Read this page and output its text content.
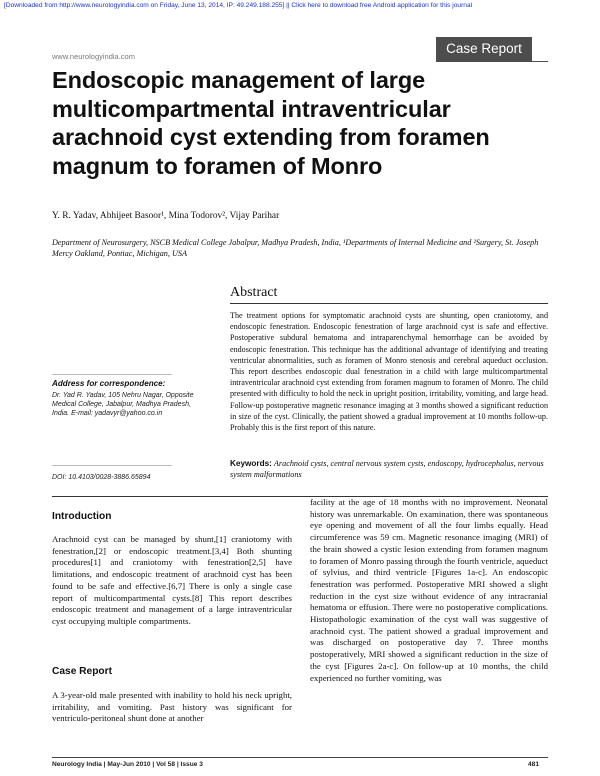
[Downloaded from http://www.neurologyindia.com on Friday, June 13, 2014, IP: 49.249.188.255] || Click here to download free Android application for this journal
www.neurologyindia.com
Case Report
Endoscopic management of large multicompartmental intraventricular arachnoid cyst extending from foramen magnum to foramen of Monro
Y. R. Yadav, Abhijeet Basoor¹, Mina Todorov², Vijay Parihar
Department of Neurosurgery, NSCB Medical College Jabalpur, Madhya Pradesh, India, ¹Departments of Internal Medicine and ²Surgery, St. Joseph Mercy Oakland, Pontiac, Michigan, USA
Abstract

The treatment options for symptomatic arachnoid cysts are shunting, open craniotomy, and endoscopic fenestration. Endoscopic fenestration of large arachnoid cyst is safe and effective. Postoperative subdural hematoma and intraparenchymal hemorrhage can be avoided by endoscopic fenestration. This technique has the additional advantage of identifying and treating ventricular abnormalities, such as foramen of Monro stenosis and cerebral aqueduct occlusion. This report describes endoscopic dual fenestration in a child with large multicompartmental intraventricular arachnoid cyst extending from foramen magnum to foramen of Monro. The child presented with difficulty to hold the neck in upright position, irritability, vomiting, and large head. Follow-up postoperative magnetic resonance imaging at 3 months showed a significant reduction in size of the cyst. Clinically, the patient showed a gradual improvement at 10 months follow-up. Probably this is the first report of this nature.

Keywords: Arachnoid cysts, central nervous system cysts, endoscopy, hydrocephalus, nervous system malformations

Address for correspondence:
Dr. Yad R. Yadav, 105 Nehru Nagar, Opposite Medical College, Jabalpur, Madhya Pradesh, India. E-mail: yadavyr@yahoo.co.in
DOI: 10.4103/0028-3886.65894
Introduction

Arachnoid cyst can be managed by shunt,[1] craniotomy with fenestration,[2] or endoscopic treatment.[3,4] Both shunting procedures[1] and craniotomy with fenestration[2,5] have limitations, and endoscopic treatment of arachnoid cyst has been found to be safe and effective.[6,7] There is only a single case report of multicompartmental cysts.[8] This report describes endoscopic treatment and management of a large intraventricular cyst occupying multiple compartments.

Case Report

A 3-year-old male presented with inability to hold his neck upright, irritability, and vomiting. Past history was significant for ventriculo-peritoneal shunt done at another

facility at the age of 18 months with no improvement. Neonatal history was unremarkable. On examination, there was spontaneous eye opening and movement of all the four limbs equally. Head circumference was 59 cm. Magnetic resonance imaging (MRI) of the brain showed a cystic lesion extending from foramen magnum to foramen of Monro passing through the fourth ventricle, aqueduct of sylvius, and third ventricle [Figures 1a-c]. An endoscopic fenestration was performed. Postoperative MRI showed a slight reduction in the cyst size without evidence of any intracranial hematoma or effusion. There were no postoperative complications. Histopathologic examination of the cyst wall was suggestive of arachnoid cyst. The patient showed a gradual improvement and was discharged on postoperative day 7. Three months postoperatively, MRI showed a significant reduction in the size of the cyst [Figures 2a-c]. On follow-up at 10 months, the child experienced no further vomiting, was

Neurology India | May-Jun 2010 | Vol 58 | Issue 3	481
